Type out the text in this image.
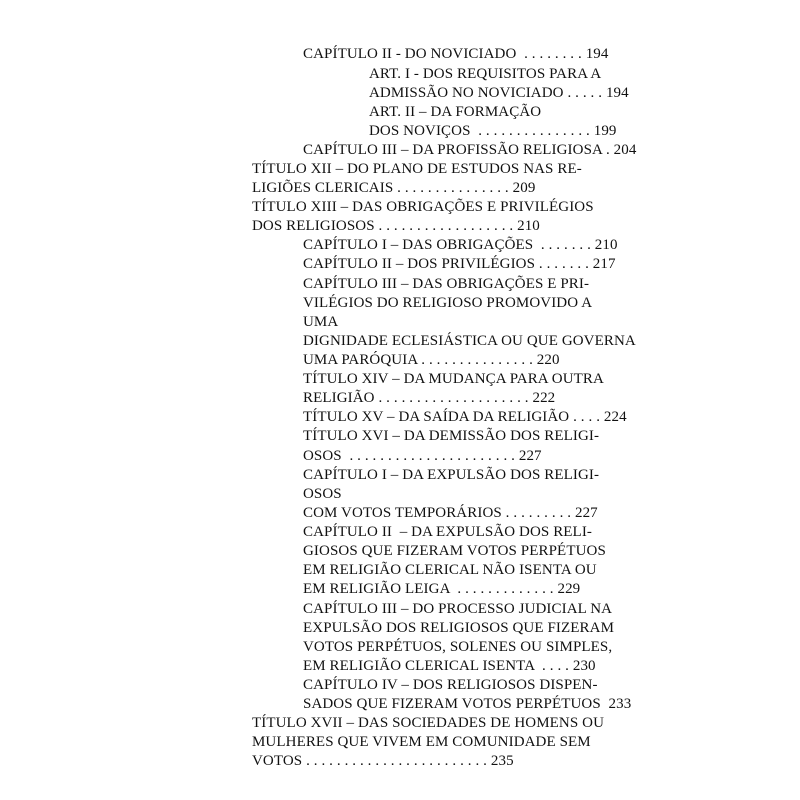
CAPÍTULO II - DO NOVICIADO  . . . . . . . . 194
ART. I - DOS REQUISITOS PARA A
ADMISSÃO NO NOVICIADO . . . . . 194
ART. II – DA FORMAÇÃO
DOS NOVIÇOS  . . . . . . . . . . . . . . . 199
CAPÍTULO III – DA PROFISSÃO RELIGIOSA . 204
TÍTULO XII – DO PLANO DE ESTUDOS NAS RE-
LIGIÕES CLERICAIS . . . . . . . . . . . . . . . 209
TÍTULO XIII – DAS OBRIGAÇÕES E PRIVILÉGIOS
DOS RELIGIOSOS . . . . . . . . . . . . . . . . . . 210
CAPÍTULO I – DAS OBRIGAÇÕES  . . . . . . . 210
CAPÍTULO II – DOS PRIVILÉGIOS . . . . . . . 217
CAPÍTULO III – DAS OBRIGAÇÕES E PRI-
VILÉGIOS DO RELIGIOSO PROMOVIDO A
UMA
DIGNIDADE ECLESIÁSTICA OU QUE GOVERNA
UMA PARÓQUIA . . . . . . . . . . . . . . . 220
TÍTULO XIV – DA MUDANÇA PARA OUTRA
RELIGIÃO . . . . . . . . . . . . . . . . . . . . 222
TÍTULO XV – DA SAÍDA DA RELIGIÃO . . . . 224
TÍTULO XVI – DA DEMISSÃO DOS RELIGI-
OSOS  . . . . . . . . . . . . . . . . . . . . . . 227
CAPÍTULO I – DA EXPULSÃO DOS RELIGI-
OSOS
COM VOTOS TEMPORÁRIOS . . . . . . . . . 227
CAPÍTULO II  – DA EXPULSÃO DOS RELI-
GIOSOS QUE FIZERAM VOTOS PERPÉTUOS
EM RELIGIÃO CLERICAL NÃO ISENTA OU
EM RELIGIÃO LEIGA  . . . . . . . . . . . . . 229
CAPÍTULO III – DO PROCESSO JUDICIAL NA
EXPULSÃO DOS RELIGIOSOS QUE FIZERAM
VOTOS PERPÉTUOS, SOLENES OU SIMPLES,
EM RELIGIÃO CLERICAL ISENTA  . . . . 230
CAPÍTULO IV – DOS RELIGIOSOS DISPEN-
SADOS QUE FIZERAM VOTOS PERPÉTUOS  233
TÍTULO XVII – DAS SOCIEDADES DE HOMENS OU
MULHERES QUE VIVEM EM COMUNIDADE SEM
VOTOS . . . . . . . . . . . . . . . . . . . . . . . . 235
